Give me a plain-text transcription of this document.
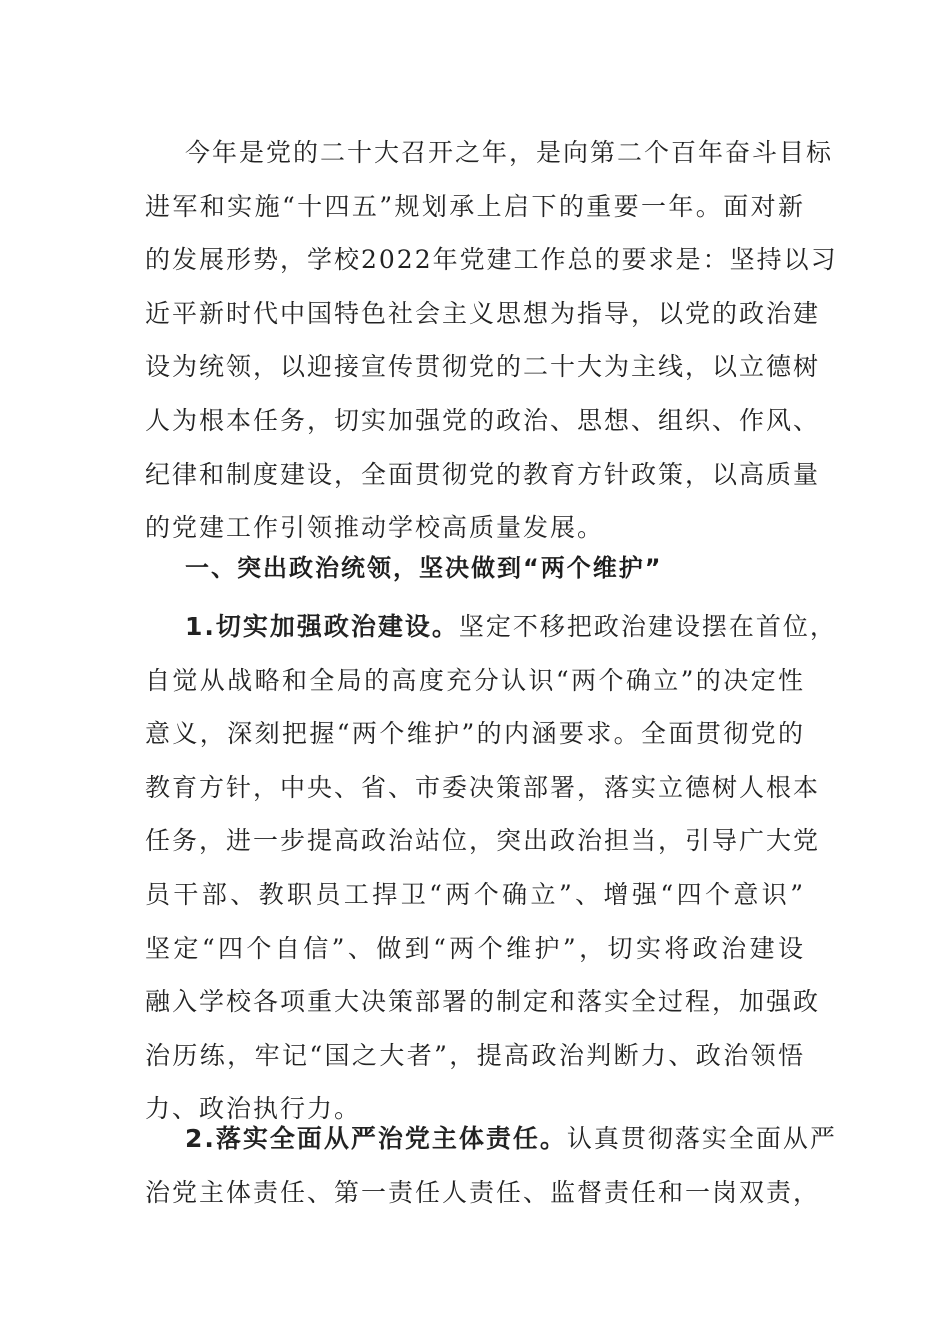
今年是党的二十大召开之年，是向第二个百年奋斗目标
进军和实施“十四五”规划承上启下的重要一年。面对新
的发展形势，学校2022年党建工作总的要求是：坚持以习
近平新时代中国特色社会主义思想为指导，以党的政治建
设为统领，以迎接宣传贯彻党的二十大为主线，以立德树
人为根本任务，切实加强党的政治、思想、组织、作风、
纪律和制度建设，全面贯彻党的教育方针政策，以高质量
的党建工作引领推动学校高质量发展。
一、突出政治统领，坚决做到“两个维护”
1.切实加强政治建设。坚定不移把政治建设摆在首位，
自觉从战略和全局的高度充分认识“两个确立”的决定性
意义，深刻把握“两个维护”的内涵要求。全面贯彻党的
教育方针，中央、省、市委决策部署，落实立德树人根本
任务，进一步提高政治站位，突出政治担当，引导广大党
员干部、教职员工捍卫“两个确立”、增强“四个意识”
坚定“四个自信”、做到“两个维护”，切实将政治建设
融入学校各项重大决策部署的制定和落实全过程，加强政
治历练，牢记“国之大者”，提高政治判断力、政治领悟
力、政治执行力。
2.落实全面从严治党主体责任。认真贯彻落实全面从严
治党主体责任、第一责任人责任、监督责任和一岗双责，
